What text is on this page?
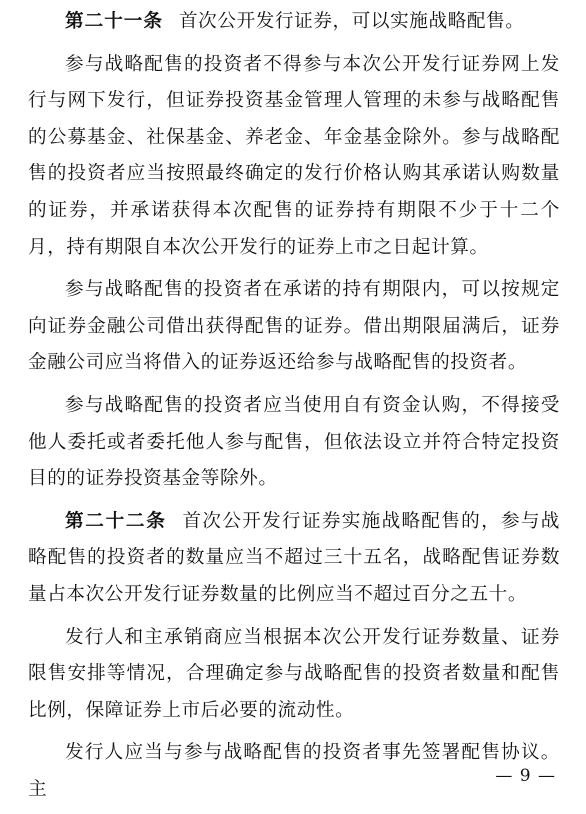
第二十一条 首次公开发行证券，可以实施战略配售。

参与战略配售的投资者不得参与本次公开发行证券网上发行与网下发行，但证券投资基金管理人管理的未参与战略配售的公募基金、社保基金、养老金、年金基金除外。参与战略配售的投资者应当按照最终确定的发行价格认购其承诺认购数量的证券，并承诺获得本次配售的证券持有期限不少于十二个月，持有期限自本次公开发行的证券上市之日起计算。

参与战略配售的投资者在承诺的持有期限内，可以按规定向证券金融公司借出获得配售的证券。借出期限届满后，证券金融公司应当将借入的证券返还给参与战略配售的投资者。

参与战略配售的投资者应当使用自有资金认购，不得接受他人委托或者委托他人参与配售，但依法设立并符合特定投资目的的证券投资基金等除外。

第二十二条 首次公开发行证券实施战略配售的，参与战略配售的投资者的数量应当不超过三十五名，战略配售证券数量占本次公开发行证券数量的比例应当不超过百分之五十。

发行人和主承销商应当根据本次公开发行证券数量、证券限售安排等情况，合理确定参与战略配售的投资者数量和配售比例，保障证券上市后必要的流动性。

发行人应当与参与战略配售的投资者事先签署配售协议。主

— 9 —
